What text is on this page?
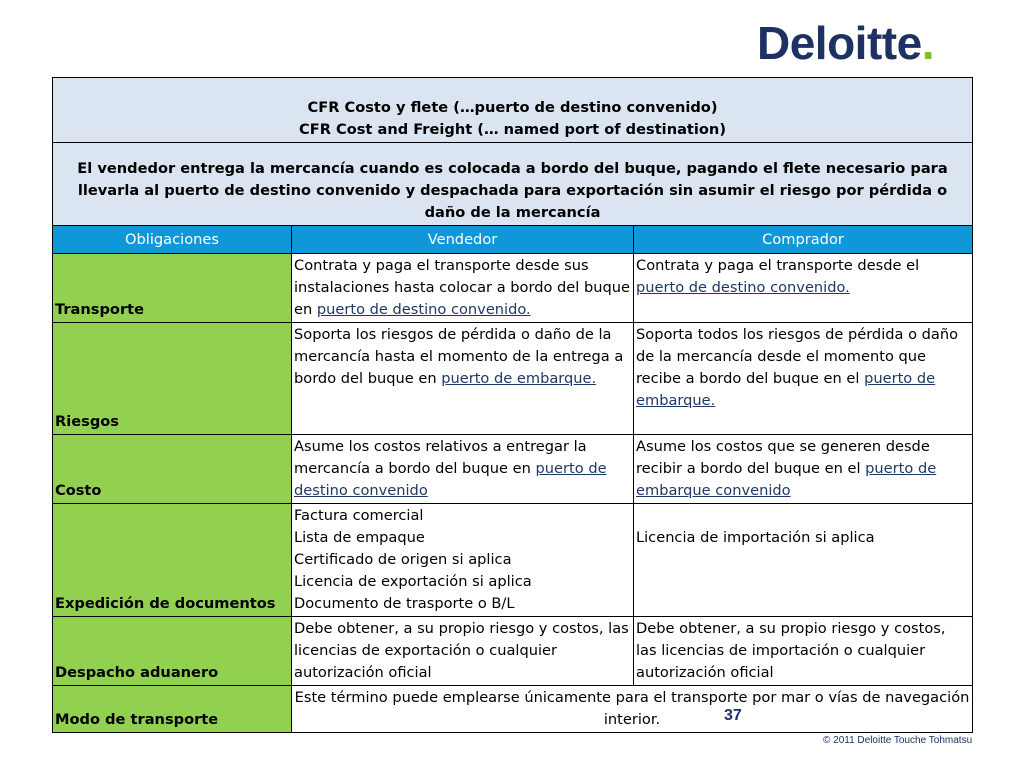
Deloitte.
CFR Costo y flete (…puerto de destino convenido)
CFR Cost and Freight (… named port of destination)		

El vendedor entrega la mercancía cuando es colocada a bordo del buque, pagando el flete necesario para llevarla al puerto de destino convenido y despachada para exportación sin asumir el riesgo por pérdida o daño de la mercancía		
Obligaciones	Vendedor	Comprador
Transporte	Contrata y paga el transporte desde sus instalaciones hasta colocar a bordo del buque en puerto de destino convenido.	Contrata y paga el transporte desde el puerto de destino convenido.
Riesgos	Soporta los riesgos de pérdida o daño de la mercancía hasta el momento de la entrega a bordo del buque en puerto de embarque.	Soporta todos los riesgos de pérdida o daño de la mercancía desde el momento que recibe a bordo del buque en el puerto de embarque.
Costo	Asume los costos relativos a entregar la mercancía a bordo del buque en puerto de destino convenido	Asume los costos que se generen desde recibir a bordo del buque en el puerto de embarque convenido
Expedición de documentos	Factura comercial
Lista de empaque
Certificado de origen si aplica
Licencia de exportación si aplica
Documento de trasporte o B/L	Licencia de importación si aplica
Despacho aduanero	Debe obtener, a su propio riesgo y costos, las licencias de exportación o cualquier autorización oficial	Debe obtener, a su propio riesgo y costos, las licencias de importación o cualquier autorización oficial
Modo de transporte	Este término puede emplearse únicamente para el transporte por mar o vías de navegación interior.		37
© 2011 Deloitte Touche Tohmatsu
